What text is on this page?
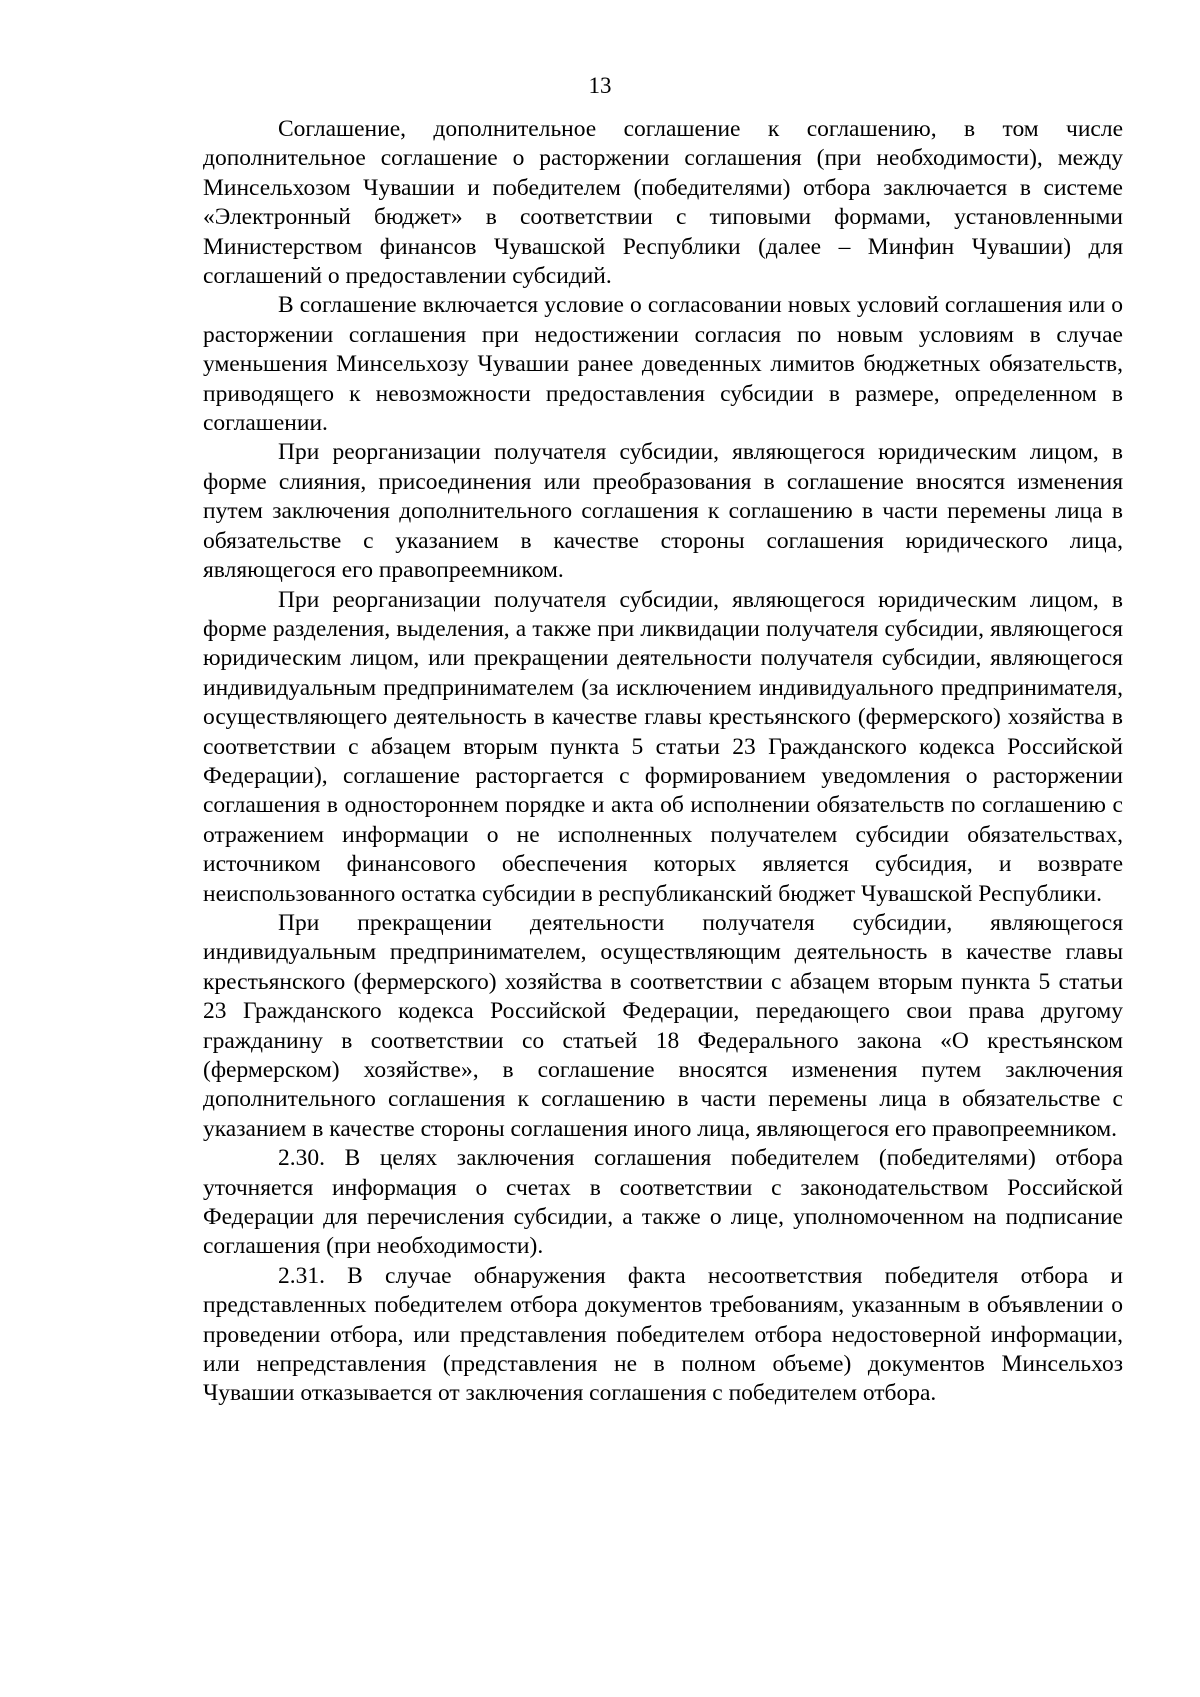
13

Соглашение, дополнительное соглашение к соглашению, в том числе дополнительное соглашение о расторжении соглашения (при необходимости), между Минсельхозом Чувашии и победителем (победителями) отбора заключается в системе «Электронный бюджет» в соответствии с типовыми формами, установленными Министерством финансов Чувашской Республики (далее – Минфин Чувашии) для соглашений о предоставлении субсидий.

В соглашение включается условие о согласовании новых условий соглашения или о расторжении соглашения при недостижении согласия по новым условиям в случае уменьшения Минсельхозу Чувашии ранее доведенных лимитов бюджетных обязательств, приводящего к невозможности предоставления субсидии в размере, определенном в соглашении.

При реорганизации получателя субсидии, являющегося юридическим лицом, в форме слияния, присоединения или преобразования в соглашение вносятся изменения путем заключения дополнительного соглашения к соглашению в части перемены лица в обязательстве с указанием в качестве стороны соглашения юридического лица, являющегося его правопреемником.

При реорганизации получателя субсидии, являющегося юридическим лицом, в форме разделения, выделения, а также при ликвидации получателя субсидии, являющегося юридическим лицом, или прекращении деятельности получателя субсидии, являющегося индивидуальным предпринимателем (за исключением индивидуального предпринимателя, осуществляющего деятельность в качестве главы крестьянского (фермерского) хозяйства в соответствии с абзацем вторым пункта 5 статьи 23 Гражданского кодекса Российской Федерации), соглашение расторгается с формированием уведомления о расторжении соглашения в одностороннем порядке и акта об исполнении обязательств по соглашению с отражением информации о не исполненных получателем субсидии обязательствах, источником финансового обеспечения которых является субсидия, и возврате неиспользованного остатка субсидии в республиканский бюджет Чувашской Республики.

При прекращении деятельности получателя субсидии, являющегося индивидуальным предпринимателем, осуществляющим деятельность в качестве главы крестьянского (фермерского) хозяйства в соответствии с абзацем вторым пункта 5 статьи 23 Гражданского кодекса Российской Федерации, передающего свои права другому гражданину в соответствии со статьей 18 Федерального закона «О крестьянском (фермерском) хозяйстве», в соглашение вносятся изменения путем заключения дополнительного соглашения к соглашению в части перемены лица в обязательстве с указанием в качестве стороны соглашения иного лица, являющегося его правопреемником.

2.30. В целях заключения соглашения победителем (победителями) отбора уточняется информация о счетах в соответствии с законодательством Российской Федерации для перечисления субсидии, а также о лице, уполномоченном на подписание соглашения (при необходимости).

2.31. В случае обнаружения факта несоответствия победителя отбора и представленных победителем отбора документов требованиям, указанным в объявлении о проведении отбора, или представления победителем отбора недостоверной информации, или непредставления (представления не в полном объеме) документов Минсельхоз Чувашии отказывается от заключения соглашения с победителем отбора.
